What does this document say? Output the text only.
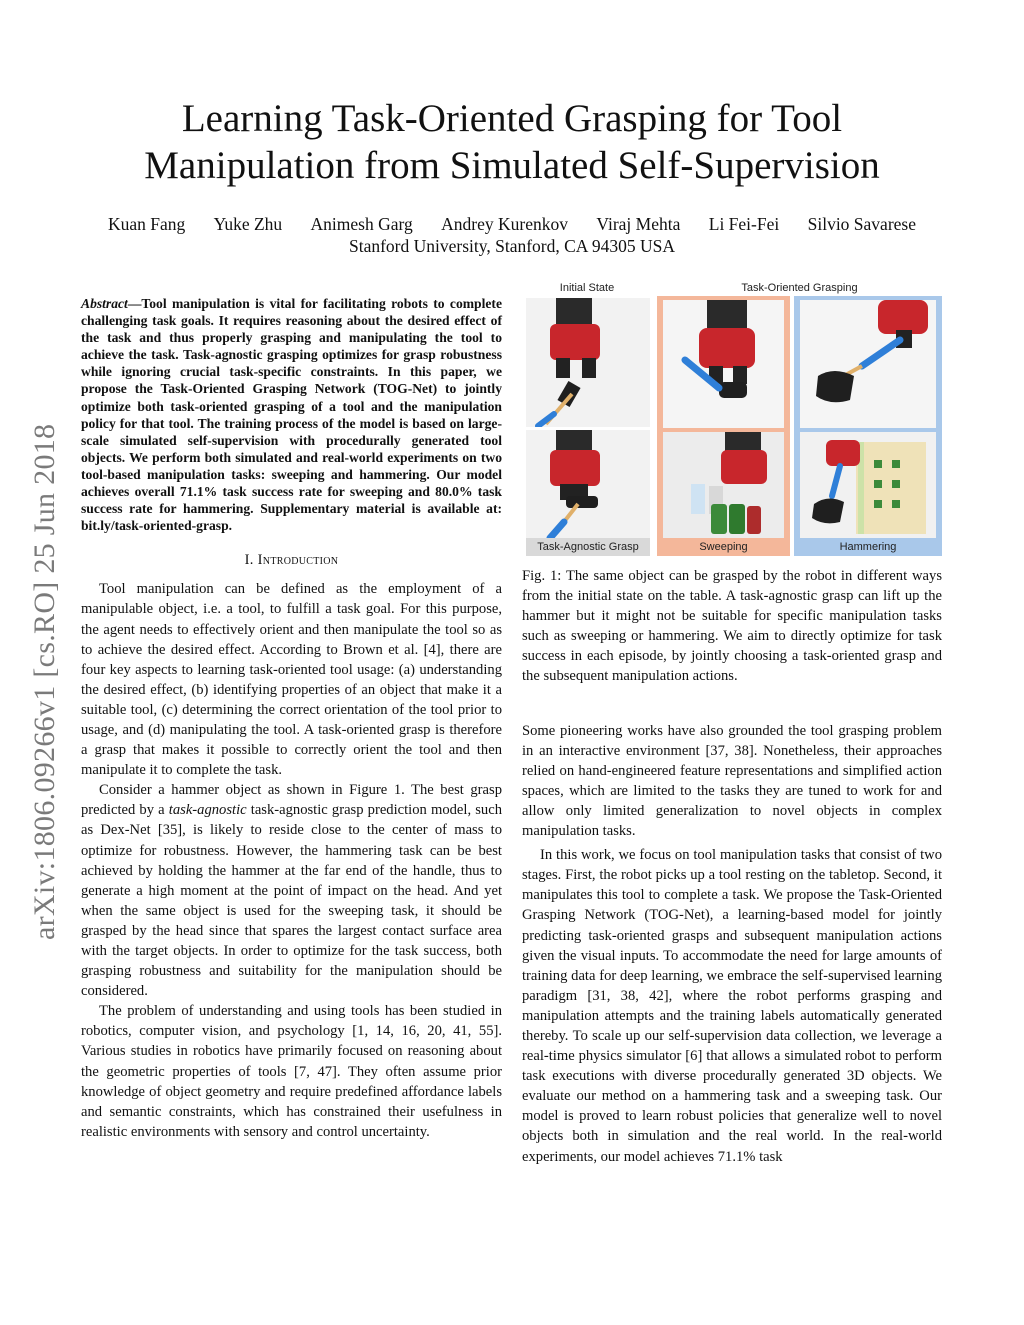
Learning Task-Oriented Grasping for Tool
Manipulation from Simulated Self-Supervision
Kuan Fang Yuke Zhu Animesh Garg Andrey Kurenkov Viraj Mehta Li Fei-Fei Silvio Savarese
Stanford University, Stanford, CA 94305 USA
arXiv:1806.09266v1 [cs.RO] 25 Jun 2018
Abstract—Tool manipulation is vital for facilitating robots to complete challenging task goals. It requires reasoning about the desired effect of the task and thus properly grasping and manipulating the tool to achieve the task. Task-agnostic grasping optimizes for grasp robustness while ignoring crucial task-specific constraints. In this paper, we propose the Task-Oriented Grasping Network (TOG-Net) to jointly optimize both task-oriented grasping of a tool and the manipulation policy for that tool. The training process of the model is based on large-scale simulated self-supervision with procedurally generated tool objects. We perform both simulated and real-world experiments on two tool-based manipulation tasks: sweeping and hammering. Our model achieves overall 71.1% task success rate for sweeping and 80.0% task success rate for hammering. Supplementary material is available at: bit.ly/task-oriented-grasp.
I. Introduction

Tool manipulation can be defined as the employment of a manipulable object, i.e. a tool, to fulfill a task goal. For this purpose, the agent needs to effectively orient and then manipulate the tool so as to achieve the desired effect. According to Brown et al. [4], there are four key aspects to learning task-oriented tool usage: (a) understanding the desired effect, (b) identifying properties of an object that make it a suitable tool, (c) determining the correct orientation of the tool prior to usage, and (d) manipulating the tool. A task-oriented grasp is therefore a grasp that makes it possible to correctly orient the tool and then manipulate it to complete the task.

Consider a hammer object as shown in Figure 1. The best grasp predicted by a task-agnostic task-agnostic grasp prediction model, such as Dex-Net [35], is likely to reside close to the center of mass to optimize for robustness. However, the hammering task can be best achieved by holding the hammer at the far end of the handle, thus to generate a high moment at the point of impact on the head. And yet when the same object is used for the sweeping task, it should be grasped by the head since that spares the largest contact surface area with the target objects. In order to optimize for the task success, both grasping robustness and suitability for the manipulation should be considered.

The problem of understanding and using tools has been studied in robotics, computer vision, and psychology [1, 14, 16, 20, 41, 55]. Various studies in robotics have primarily focused on reasoning about the geometric properties of tools [7, 47]. They often assume prior knowledge of object geometry and require predefined affordance labels and semantic constraints, which has constrained their usefulness in realistic environments with sensory and control uncertainty.

Initial State	Task-Oriented Grasping
Task-Agnostic Grasp	Sweeping	Hammering

Fig. 1: The same object can be grasped by the robot in different ways from the initial state on the table. A task-agnostic grasp can lift up the hammer but it might not be suitable for specific manipulation tasks such as sweeping or hammering. We aim to directly optimize for task success in each episode, by jointly choosing a task-oriented grasp and the subsequent manipulation actions.

Some pioneering works have also grounded the tool grasping problem in an interactive environment [37, 38]. Nonetheless, their approaches relied on hand-engineered feature representations and simplified action spaces, which are limited to the tasks they are tuned to work for and allow only limited generalization to novel objects in complex manipulation tasks.

In this work, we focus on tool manipulation tasks that consist of two stages. First, the robot picks up a tool resting on the tabletop. Second, it manipulates this tool to complete a task. We propose the Task-Oriented Grasping Network (TOG-Net), a learning-based model for jointly predicting task-oriented grasps and subsequent manipulation actions given the visual inputs. To accommodate the need for large amounts of training data for deep learning, we embrace the self-supervised learning paradigm [31, 38, 42], where the robot performs grasping and manipulation attempts and the training labels automatically generated thereby. To scale up our self-supervision data collection, we leverage a real-time physics simulator [6] that allows a simulated robot to perform task executions with diverse procedurally generated 3D objects. We evaluate our method on a hammering task and a sweeping task. Our model is proved to learn robust policies that generalize well to novel objects both in simulation and the real world. In the real-world experiments, our model achieves 71.1% task
